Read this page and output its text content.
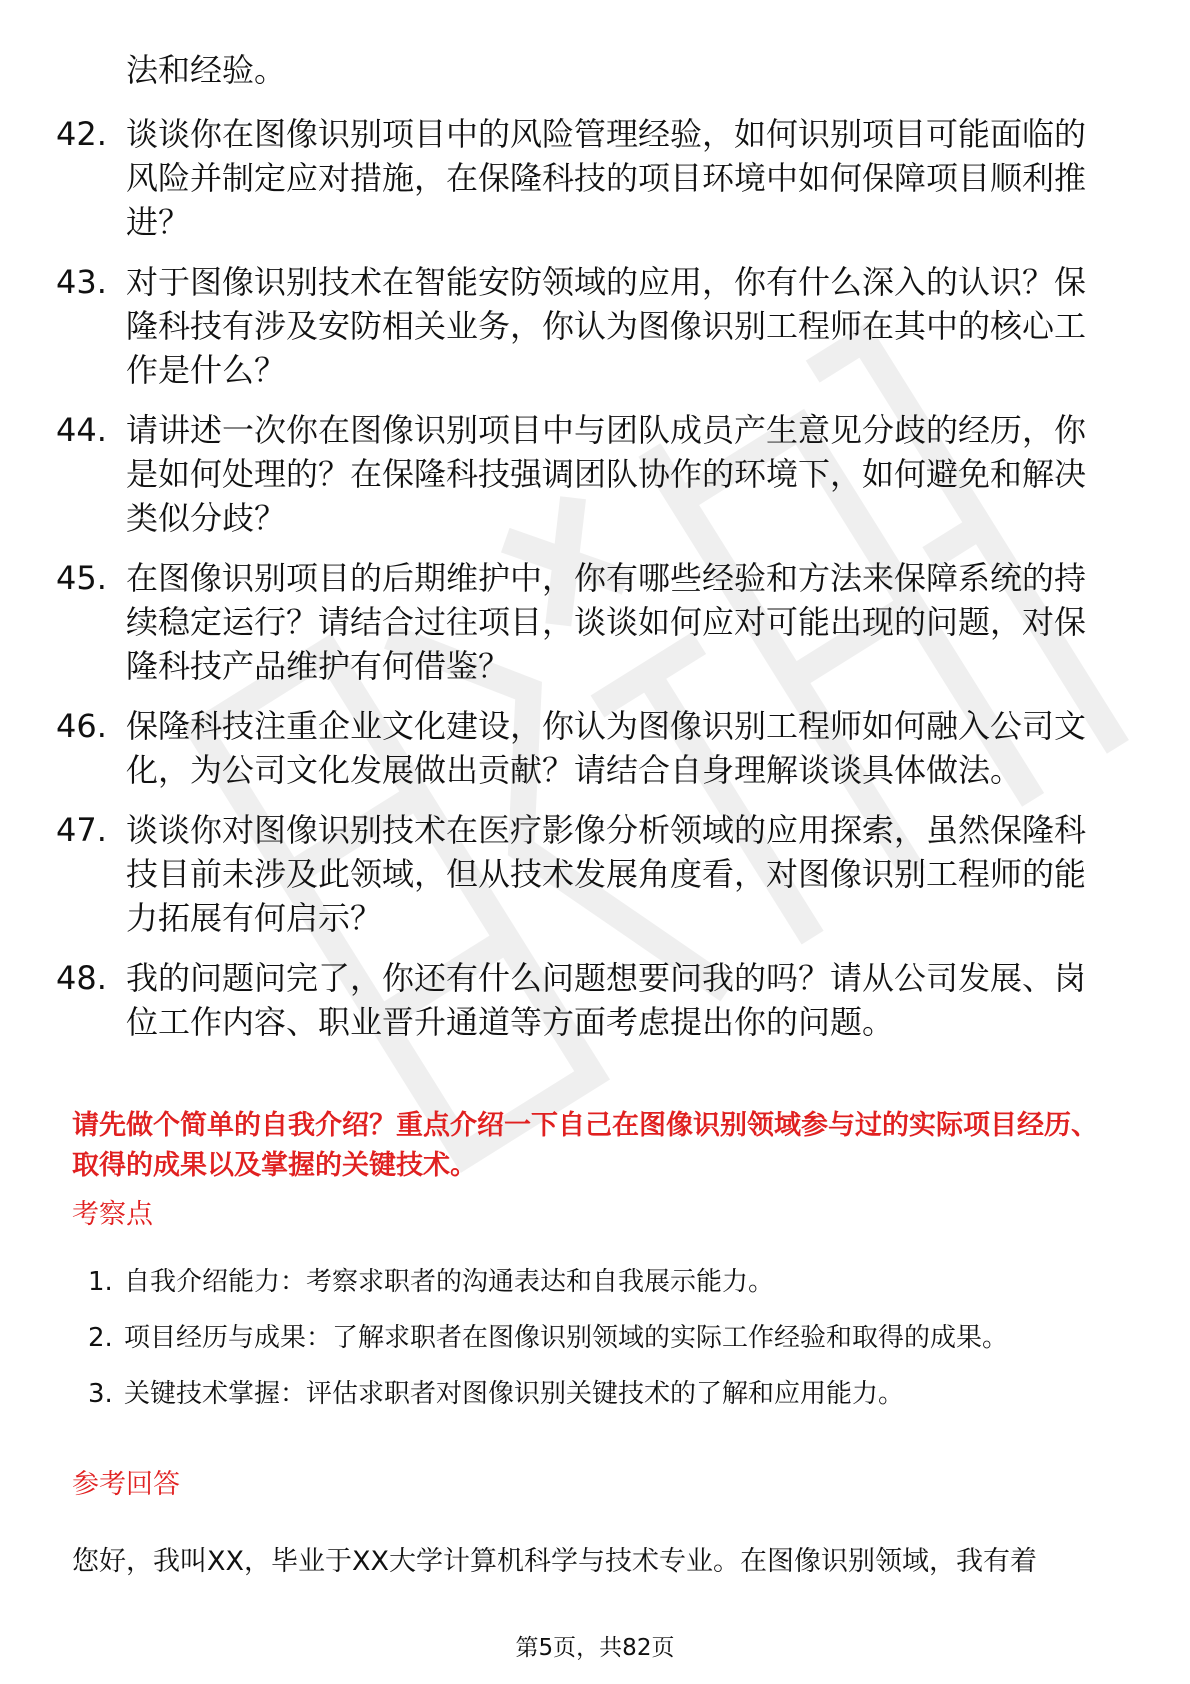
法和经验。

42. 谈谈你在图像识别项目中的风险管理经验，如何识别项目可能面临的风险并制定应对措施，在保隆科技的项目环境中如何保障项目顺利推进？
43. 对于图像识别技术在智能安防领域的应用，你有什么深入的认识？保隆科技有涉及安防相关业务，你认为图像识别工程师在其中的核心工作是什么？
44. 请讲述一次你在图像识别项目中与团队成员产生意见分歧的经历，你是如何处理的？在保隆科技强调团队协作的环境下，如何避免和解决类似分歧？
45. 在图像识别项目的后期维护中，你有哪些经验和方法来保障系统的持续稳定运行？请结合过往项目，谈谈如何应对可能出现的问题，对保隆科技产品维护有何借鉴？
46. 保隆科技注重企业文化建设，你认为图像识别工程师如何融入公司文化，为公司文化发展做出贡献？请结合自身理解谈谈具体做法。
47. 谈谈你对图像识别技术在医疗影像分析领域的应用探索，虽然保隆科技目前未涉及此领域，但从技术发展角度看，对图像识别工程师的能力拓展有何启示？
48. 我的问题问完了，你还有什么问题想要问我的吗？请从公司发展、岗位工作内容、职业晋升通道等方面考虑提出你的问题。

请先做个简单的自我介绍？重点介绍一下自己在图像识别领域参与过的实际项目经历、取得的成果以及掌握的关键技术。

考察点
1. 自我介绍能力：考察求职者的沟通表达和自我展示能力。
2. 项目经历与成果：了解求职者在图像识别领域的实际工作经验和取得的成果。
3. 关键技术掌握：评估求职者对图像识别关键技术的了解和应用能力。
参考回答

您好，我叫XX，毕业于XX大学计算机科学与技术专业。在图像识别领域，我有着

第5页，共82页
